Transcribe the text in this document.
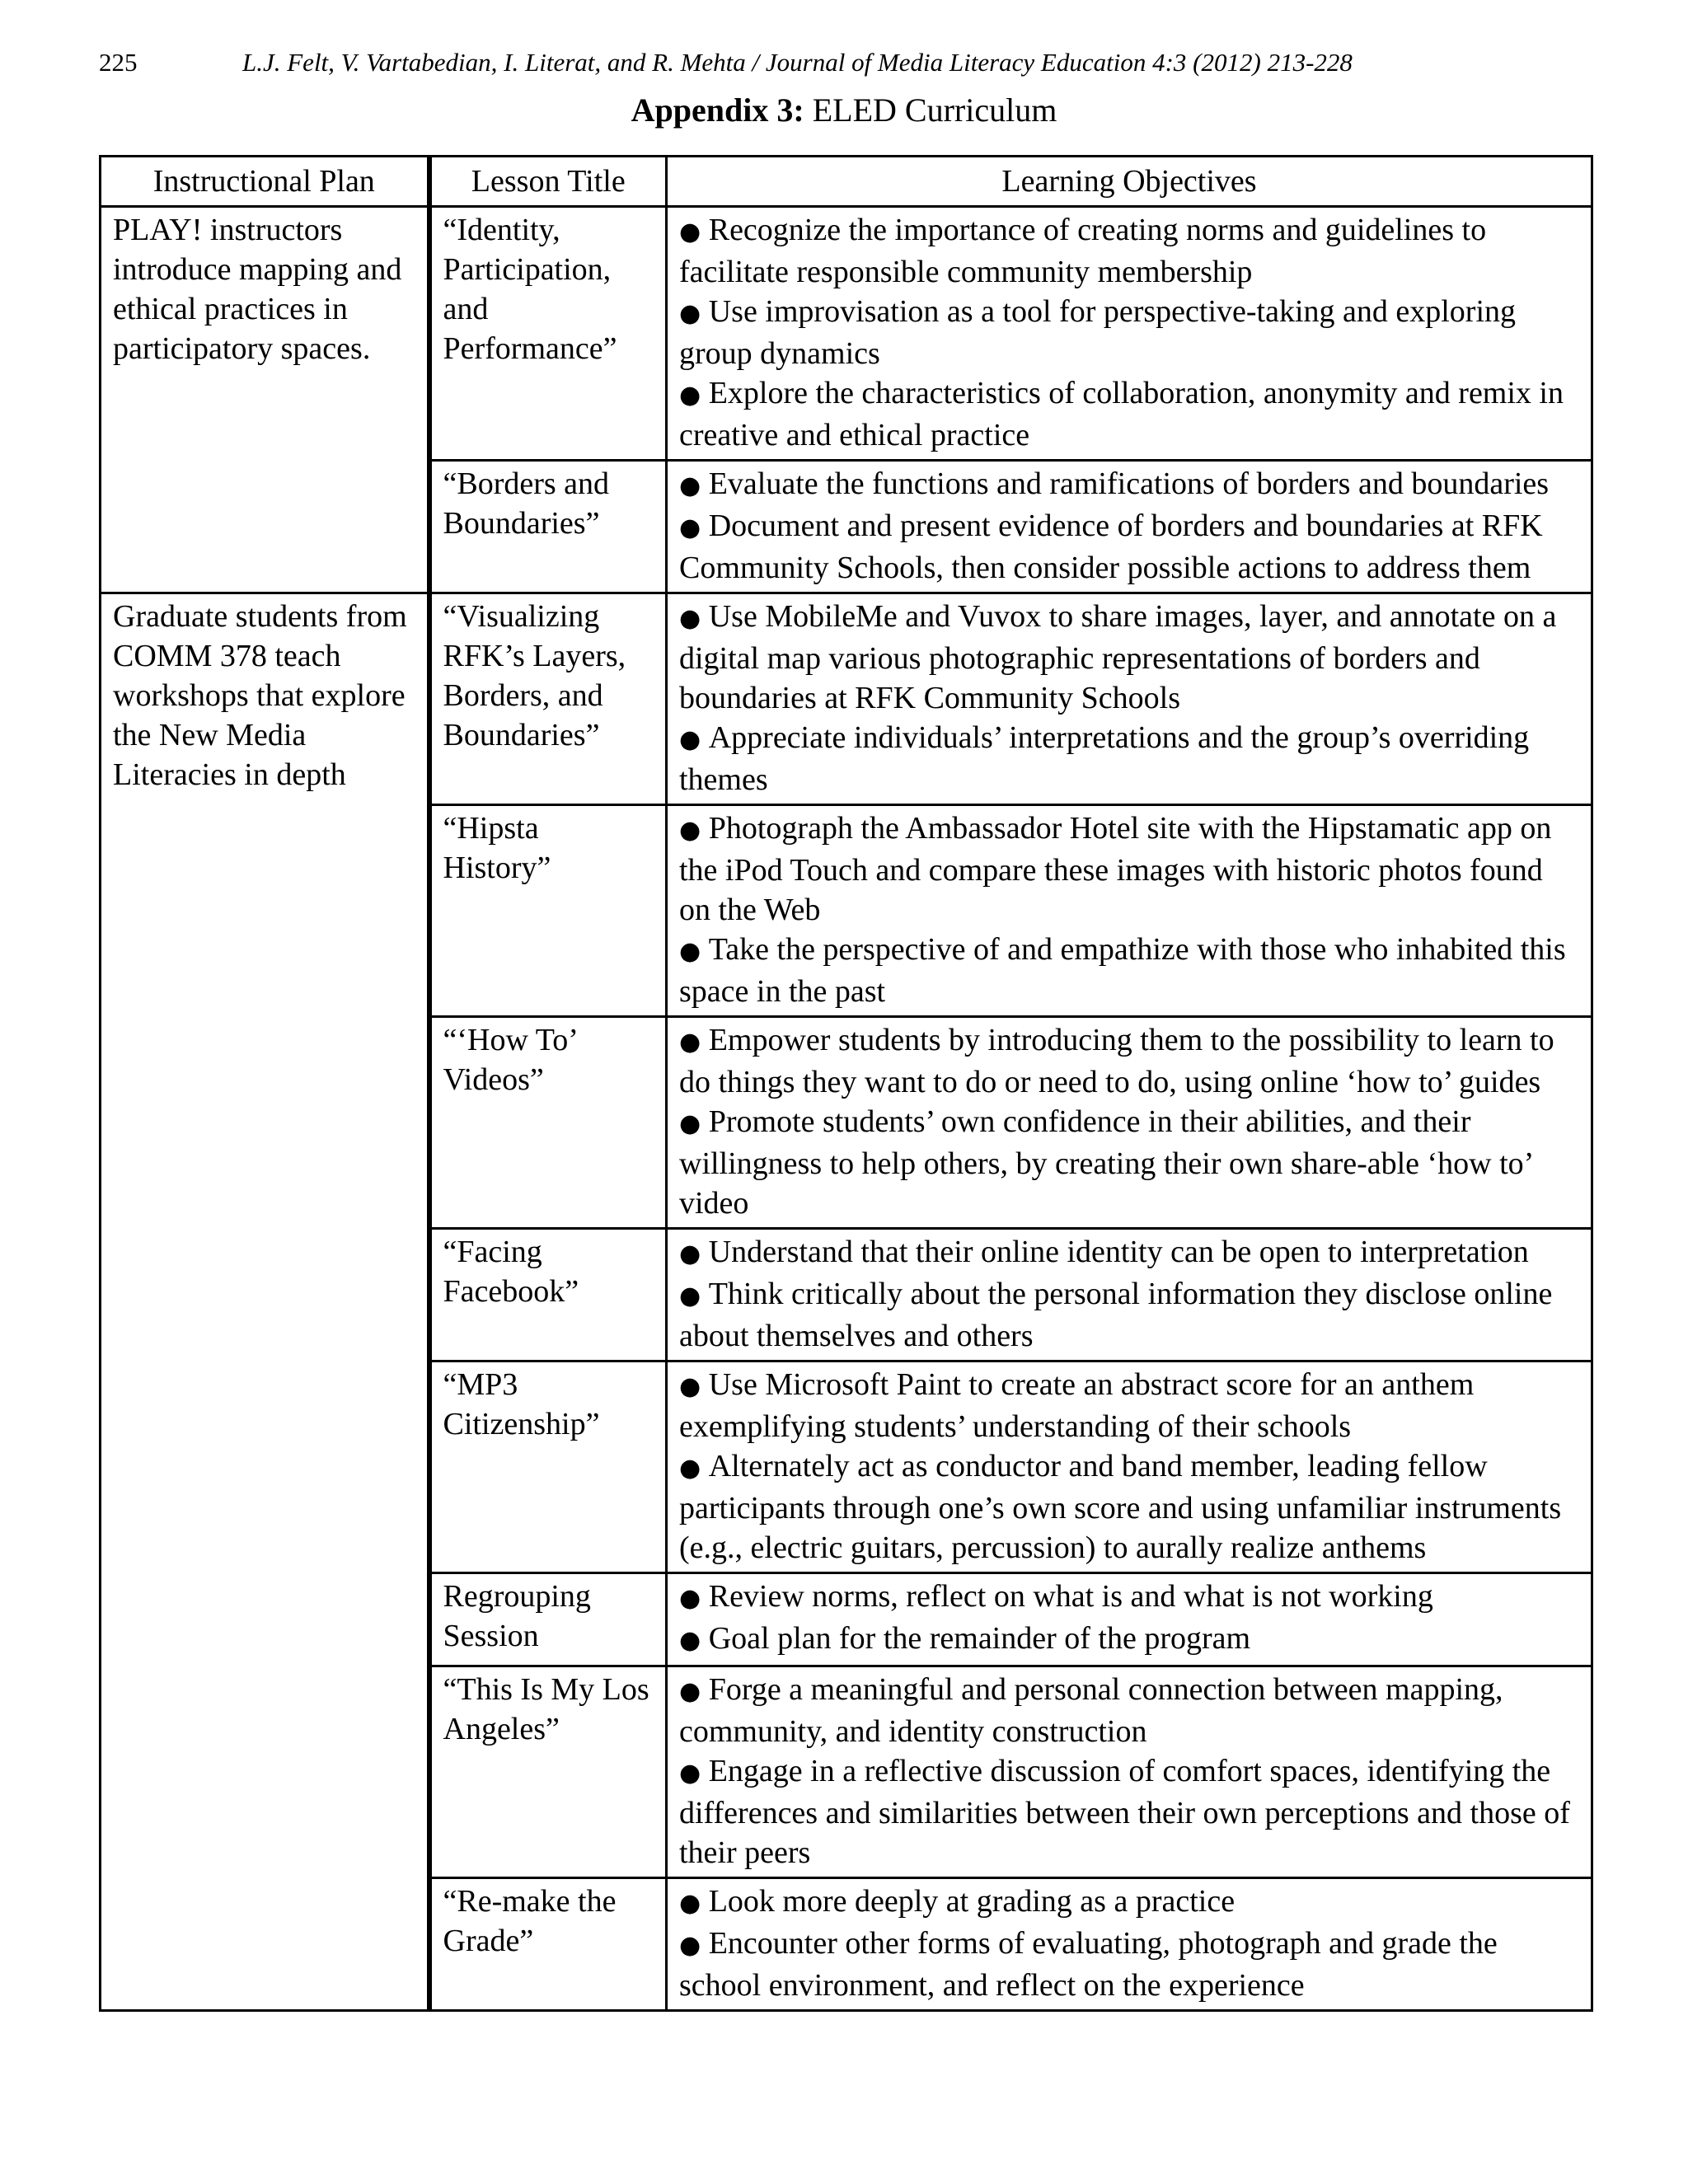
225	L.J. Felt, V. Vartabedian, I. Literat, and R. Mehta / Journal of Media Literacy Education 4:3 (2012) 213-228
Appendix 3: ELED Curriculum
Instructional Plan	Lesson Title	Learning Objectives
PLAY! instructors introduce mapping and ethical practices in participatory spaces.	“Identity, Participation, and Performance”	● Recognize the importance of creating norms and guidelines to facilitate responsible community membership
● Use improvisation as a tool for perspective-taking and exploring group dynamics
● Explore the characteristics of collaboration, anonymity and remix in creative and ethical practice

	“Borders and Boundaries”	● Evaluate the functions and ramifications of borders and boundaries
● Document and present evidence of borders and boundaries at RFK Community Schools, then consider possible actions to address them

Graduate students from COMM 378 teach workshops that explore the New Media Literacies in depth	“Visualizing RFK’s Layers, Borders, and Boundaries”	● Use MobileMe and Vuvox to share images, layer, and annotate on a digital map various photographic representations of borders and boundaries at RFK Community Schools
● Appreciate individuals’ interpretations and the group’s overriding themes

	“Hipsta History”	● Photograph the Ambassador Hotel site with the Hipstamatic app on the iPod Touch and compare these images with historic photos found on the Web
● Take the perspective of and empathize with those who inhabited this space in the past

	“‘How To’ Videos”	● Empower students by introducing them to the possibility to learn to do things they want to do or need to do, using online ‘how to’ guides
● Promote students’ own confidence in their abilities, and their willingness to help others, by creating their own share-able ‘how to’ video

	“Facing Facebook”	● Understand that their online identity can be open to interpretation
● Think critically about the personal information they disclose online about themselves and others

	“MP3 Citizenship”	● Use Microsoft Paint to create an abstract score for an anthem exemplifying students’ understanding of their schools
● Alternately act as conductor and band member, leading fellow participants through one’s own score and using unfamiliar instruments (e.g., electric guitars, percussion) to aurally realize anthems

	Regrouping Session	● Review norms, reflect on what is and what is not working
● Goal plan for the remainder of the program

	“This Is My Los Angeles”	● Forge a meaningful and personal connection between mapping, community, and identity construction
● Engage in a reflective discussion of comfort spaces, identifying the differences and similarities between their own perceptions and those of their peers

	“Re-make the Grade”	● Look more deeply at grading as a practice
● Encounter other forms of evaluating, photograph and grade the school environment, and reflect on the experience
